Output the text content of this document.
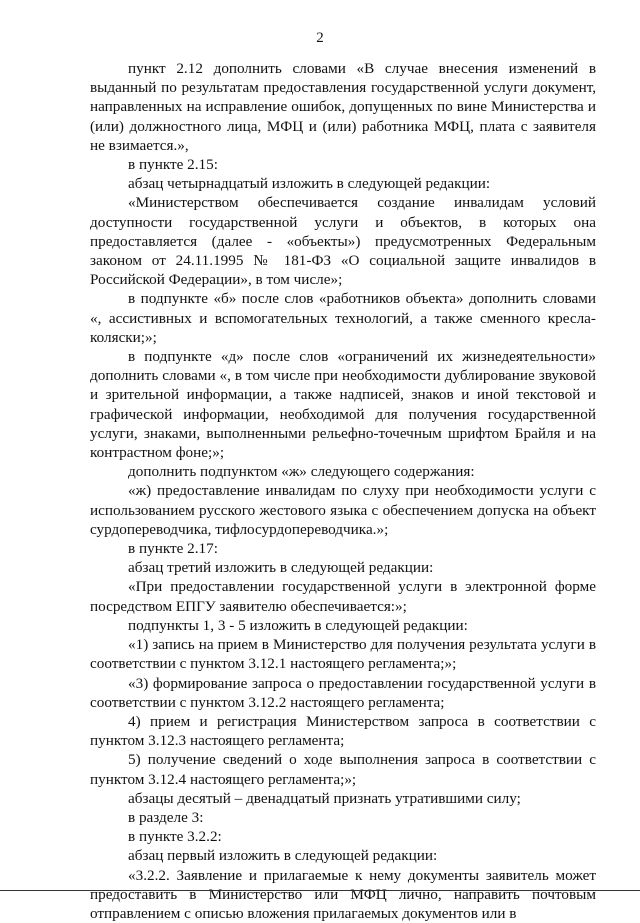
2

пункт 2.12 дополнить словами «В случае внесения изменений в выданный по результатам предоставления государственной услуги документ, направленных на исправление ошибок, допущенных по вине Министерства и (или) должностного лица, МФЦ и (или) работника МФЦ, плата с заявителя не взимается.»,

в пункте 2.15:

абзац четырнадцатый изложить в следующей редакции:

«Министерством обеспечивается создание инвалидам условий доступности государственной услуги и объектов, в которых она предоставляется (далее - «объекты») предусмотренных Федеральным законом от 24.11.1995 № 181-ФЗ «О социальной защите инвалидов в Российской Федерации», в том числе»;

в подпункте «б» после слов «работников объекта» дополнить словами «, ассистивных и вспомогательных технологий, а также сменного кресла-коляски;»;

в подпункте «д» после слов «ограничений их жизнедеятельности» дополнить словами «, в том числе при необходимости дублирование звуковой и зрительной информации, а также надписей, знаков и иной текстовой и графической информации, необходимой для получения государственной услуги, знаками, выполненными рельефно-точечным шрифтом Брайля и на контрастном фоне;»;

дополнить подпунктом «ж» следующего содержания:

«ж) предоставление инвалидам по слуху при необходимости услуги с использованием русского жестового языка с обеспечением допуска на объект сурдопереводчика, тифлосурдопереводчика.»;

в пункте 2.17:

абзац третий изложить в следующей редакции:

«При предоставлении государственной услуги в электронной форме посредством ЕПГУ заявителю обеспечивается:»;

подпункты 1, 3 - 5 изложить в следующей редакции:

«1) запись на прием в Министерство для получения результата услуги в соответствии с пунктом 3.12.1 настоящего регламента;»;

«3) формирование запроса о предоставлении государственной услуги в соответствии с пунктом 3.12.2 настоящего регламента;

4) прием и регистрация Министерством запроса в соответствии с пунктом 3.12.3 настоящего регламента;

5) получение сведений о ходе выполнения запроса в соответствии с пунктом 3.12.4 настоящего регламента;»;

абзацы десятый – двенадцатый признать утратившими силу;

в разделе 3:

в пункте 3.2.2:

абзац первый изложить в следующей редакции:

«3.2.2. Заявление и прилагаемые к нему документы заявитель может предоставить в Министерство или МФЦ лично, направить почтовым отправлением с описью вложения прилагаемых документов или в
